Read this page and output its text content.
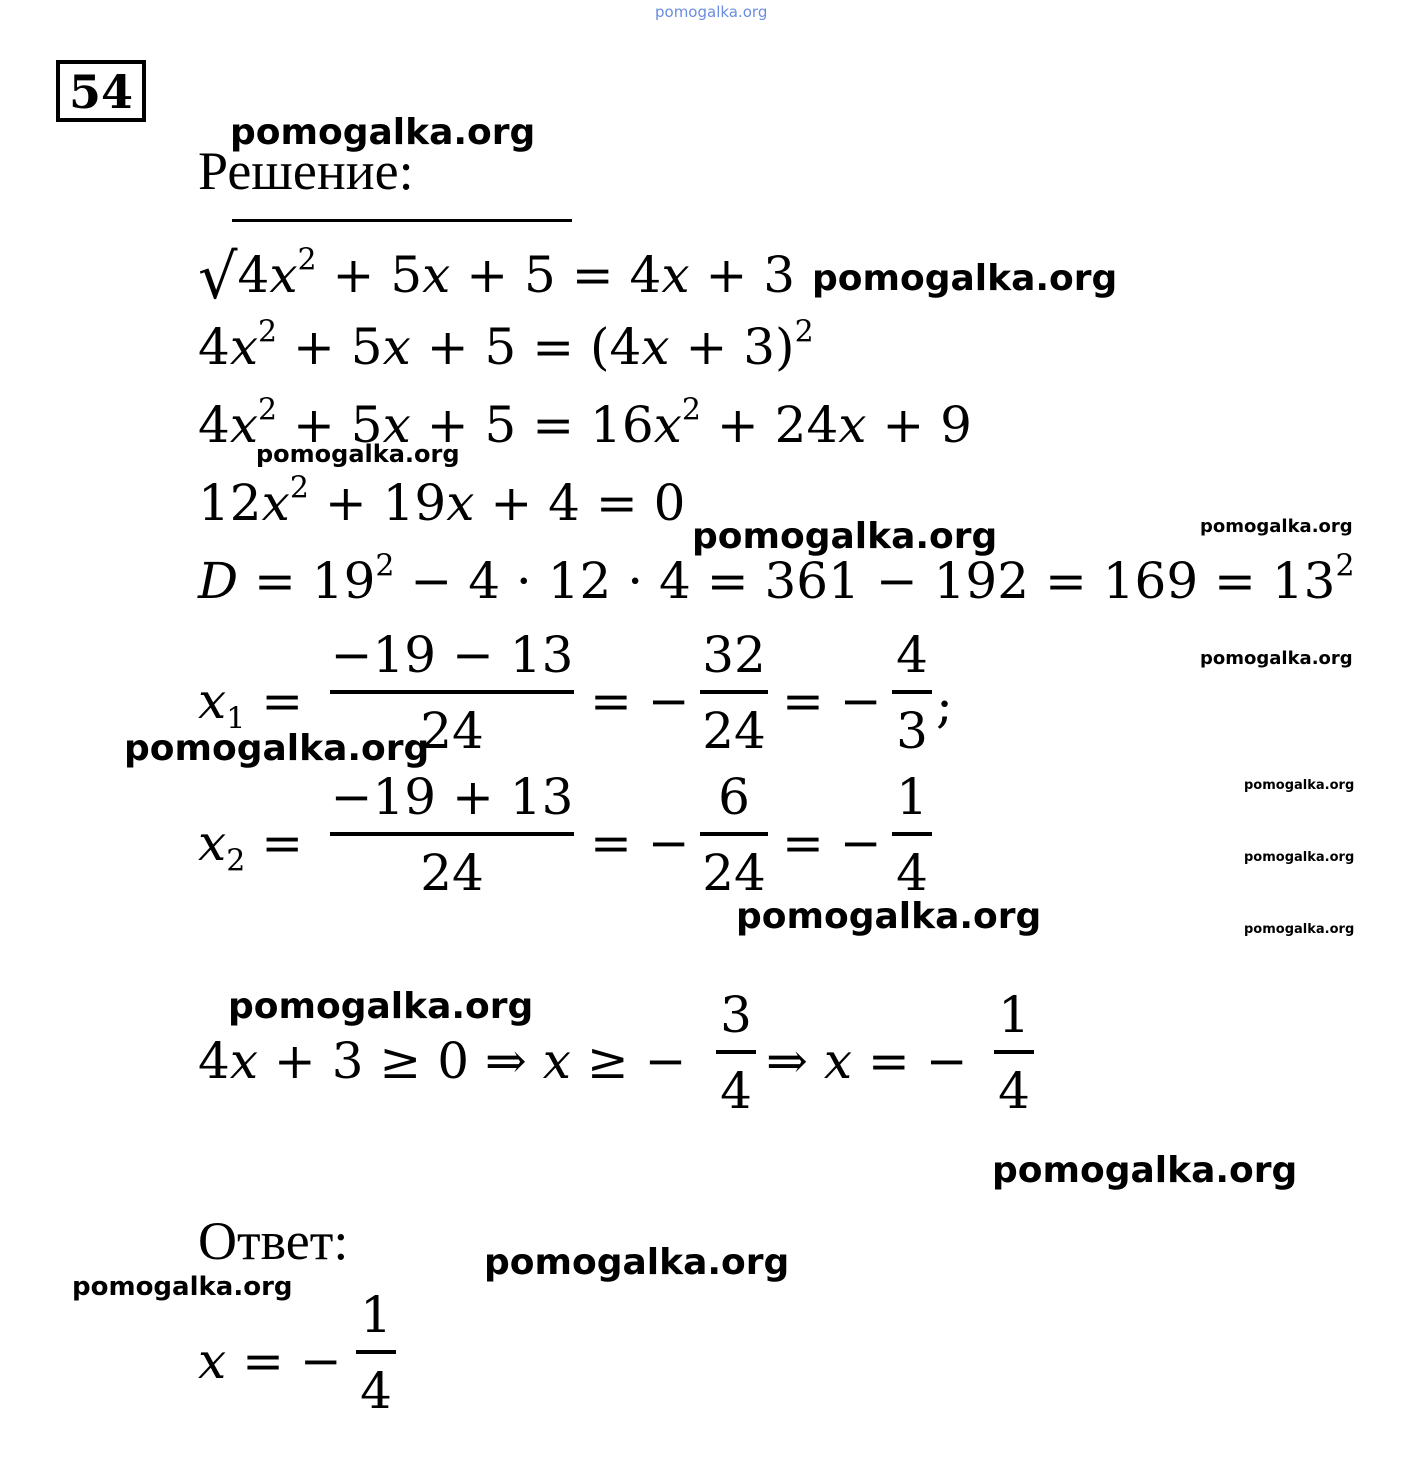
pomogalka.org
54
Решение:
$√4x^2 + 5x + 5 = 4x + 3$
$4x^2 + 5x + 5 = (4x + 3)^2$
$4x^2 + 5x + 5 = 16x^2 + 24x + 9$
$12x^2 + 19x + 4 = 0$
$D = 19^2 - 4 \cdot 12 \cdot 4 = 361 - 192 = 169 = 13^2$
$x_1$ =
−19 − 13
24
= −
32
24
= −
4
3 ;
$x_2$ =
−19 + 13
24
= −
6
24
= −
1
4
4x + 3 ≥ 0 ⇒ x ≥ −
3
4
⇒ x = −
1
4
Ответ:
x = −
1
4
pomogalka.org
pomogalka.org
pomogalka.org
pomogalka.org	pomogalka.org
pomogalka.org
pomogalka.org
pomogalka.org
pomogalka.org
pomogalka.org	pomogalka.org
pomogalka.org
pomogalka.org
pomogalka.org
pomogalka.org
